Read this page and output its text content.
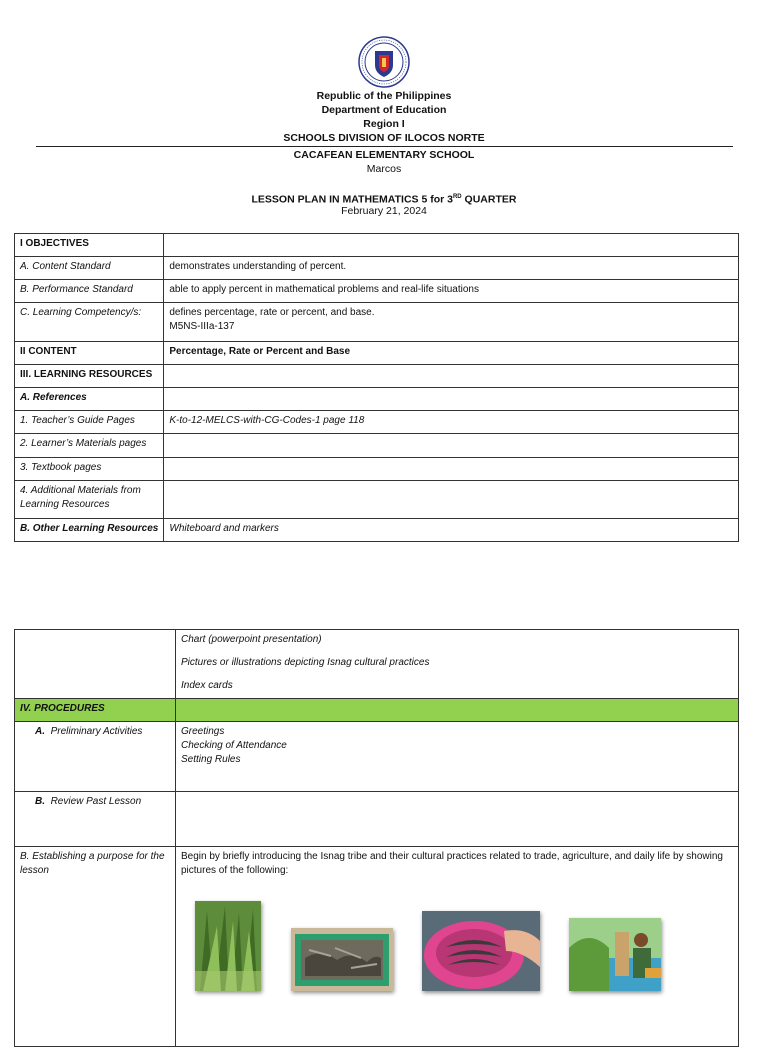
Republic of the Philippines
Department of Education
Region I
SCHOOLS DIVISION OF ILOCOS NORTE
CACAFEAN ELEMENTARY SCHOOL
Marcos
LESSON PLAN IN MATHEMATICS 5 for 3RD QUARTER
February 21, 2024
I OBJECTIVES	
A. Content Standard	demonstrates understanding of percent.
B. Performance Standard	able to apply percent in mathematical problems and real-life situations
C. Learning Competency/s:	defines percentage, rate or percent, and base.
M5NS-IIIa-137

II CONTENT	Percentage, Rate or Percent and Base
III. LEARNING RESOURCES	
A. References	
1. Teacher’s Guide Pages	K-to-12-MELCS-with-CG-Codes-1 page 118
2. Learner’s Materials pages	
3. Textbook pages	
4. Additional Materials from Learning Resources	
B. Other Learning Resources	Whiteboard and markers

	Chart (powerpoint presentation)
Pictures or illustrations depicting Isnag cultural practices
Index cards

IV. PROCEDURES	
A. Preliminary Activities	Greetings
Checking of Attendance
Setting Rules

B. Review Past Lesson	
B. Establishing a purpose for the lesson	Begin by briefly introducing the Isnag tribe and their cultural practices related to trade, agriculture, and daily life by showing pictures of the following:
